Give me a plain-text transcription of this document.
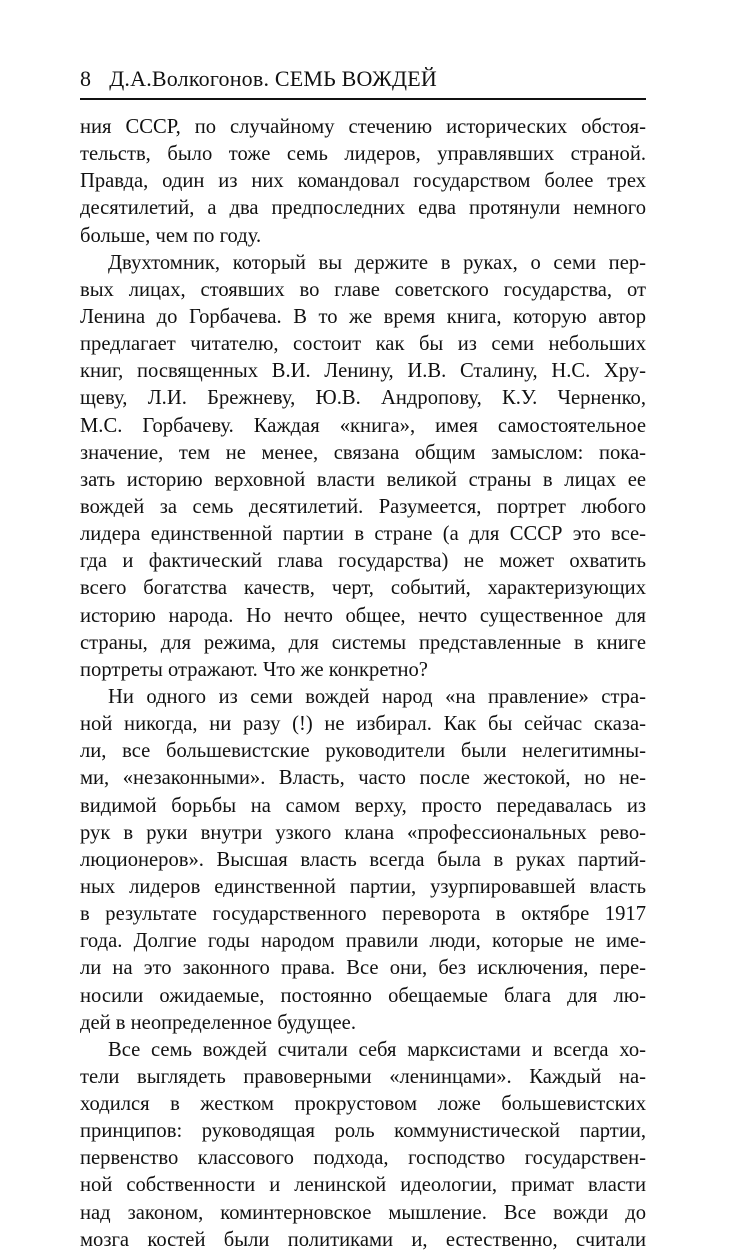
8 Д.А.Волкогонов. СЕМЬ ВОЖДЕЙ
ния СССР, по случайному стечению исторических обстоя-
тельств, было тоже семь лидеров, управлявших страной.
Правда, один из них командовал государством более трех
десятилетий, а два предпоследних едва протянули немного
больше, чем по году.
Двухтомник, который вы держите в руках, о семи пер-
вых лицах, стоявших во главе советского государства, от
Ленина до Горбачева. В то же время книга, которую автор
предлагает читателю, состоит как бы из семи небольших
книг, посвященных В.И. Ленину, И.В. Сталину, Н.С. Хру-
щеву, Л.И. Брежневу, Ю.В. Андропову, К.У. Черненко,
М.С. Горбачеву. Каждая «книга», имея самостоятельное
значение, тем не менее, связана общим замыслом: пока-
зать историю верховной власти великой страны в лицах ее
вождей за семь десятилетий. Разумеется, портрет любого
лидера единственной партии в стране (а для СССР это все-
гда и фактический глава государства) не может охватить
всего богатства качеств, черт, событий, характеризующих
историю народа. Но нечто общее, нечто существенное для
страны, для режима, для системы представленные в книге
портреты отражают. Что же конкретно?
Ни одного из семи вождей народ «на правление» стра-
ной никогда, ни разу (!) не избирал. Как бы сейчас сказа-
ли, все большевистские руководители были нелегитимны-
ми, «незаконными». Власть, часто после жестокой, но не-
видимой борьбы на самом верху, просто передавалась из
рук в руки внутри узкого клана «профессиональных рево-
люционеров». Высшая власть всегда была в руках партий-
ных лидеров единственной партии, узурпировавшей власть
в результате государственного переворота в октябре 1917
года. Долгие годы народом правили люди, которые не име-
ли на это законного права. Все они, без исключения, пере-
носили ожидаемые, постоянно обещаемые блага для лю-
дей в неопределенное будущее.
Все семь вождей считали себя марксистами и всегда хо-
тели выглядеть правоверными «ленинцами». Каждый на-
ходился в жестком прокрустовом ложе большевистских
принципов: руководящая роль коммунистической партии,
первенство классового подхода, господство государствен-
ной собственности и ленинской идеологии, примат власти
над законом, коминтерновское мышление. Все вожди до
мозга костей были политиками и, естественно, считали
